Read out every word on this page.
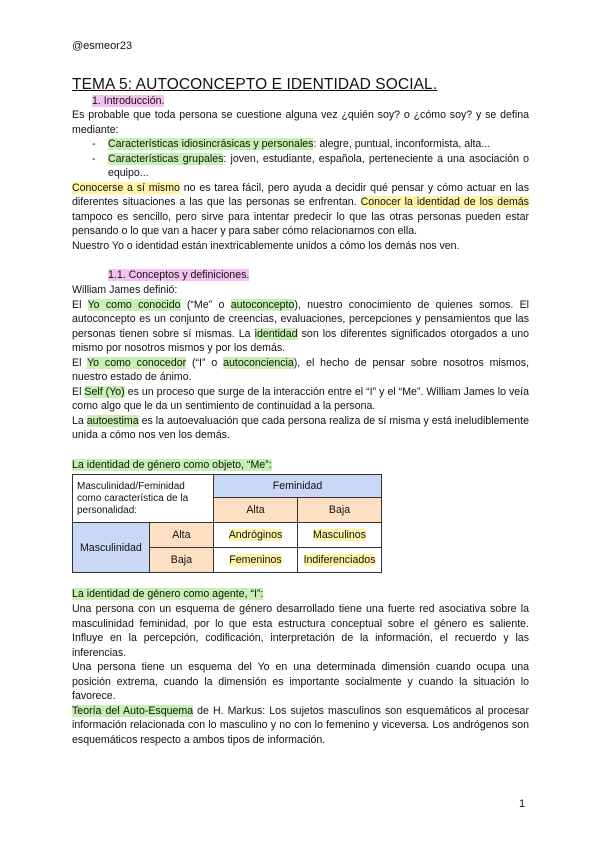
@esmeor23
TEMA 5: AUTOCONCEPTO E IDENTIDAD SOCIAL.
1. Introducción.

Es probable que toda persona se cuestione alguna vez ¿quién soy? o ¿cómo soy? y se defina mediante:

- Características idiosincrásicas y personales: alegre, puntual, inconformista, alta...
- Características grupales: joven, estudiante, española, perteneciente a una asociación o equipo...

Conocerse a sí mismo no es tarea fácil, pero ayuda a decidir qué pensar y cómo actuar en las diferentes situaciones a las que las personas se enfrentan. Conocer la identidad de los demás tampoco es sencillo, pero sirve para intentar predecir lo que las otras personas pueden estar pensando o lo que van a hacer y para saber cómo relacionarnos con ella.

Nuestro Yo o identidad están inextricablemente unidos a cómo los demás nos ven.

1.1. Conceptos y definiciones.

William James definió:

El Yo como conocido (“Me” o autoconcepto), nuestro conocimiento de quienes somos. El autoconcepto es un conjunto de creencias, evaluaciones, percepciones y pensamientos que las personas tienen sobre sí mismas. La identidad son los diferentes significados otorgados a uno mismo por nosotros mismos y por los demás.

El Yo como conocedor (“I” o autoconciencia), el hecho de pensar sobre nosotros mismos, nuestro estado de ánimo.

El Self (Yo) es un proceso que surge de la interacción entre el “I” y el “Me”. William James lo veía como algo que le da un sentimiento de continuidad a la persona.

La autoestima es la autoevaluación que cada persona realiza de sí misma y está ineludiblemente unida a cómo nos ven los demás.

La identidad de género como objeto, “Me”:
Masculinidad/Feminidad como característica de la personalidad:		Feminidad	
		Alta	Baja
Masculinidad	Alta	Andróginos	Masculinos
	Baja	Femeninos	Indiferenciados
La identidad de género como agente, “I”:

Una persona con un esquema de género desarrollado tiene una fuerte red asociativa sobre la masculinidad feminidad, por lo que esta estructura conceptual sobre el género es saliente. Influye en la percepción, codificación, interpretación de la información, el recuerdo y las inferencias.

Una persona tiene un esquema del Yo en una determinada dimensión cuando ocupa una posición extrema, cuando la dimensión es importante socialmente y cuando la situación lo favorece.

Teoría del Auto-Esquema de H. Markus: Los sujetos masculinos son esquemáticos al procesar información relacionada con lo masculino y no con lo femenino y viceversa. Los andrógenos son esquemáticos respecto a ambos tipos de información.

1
